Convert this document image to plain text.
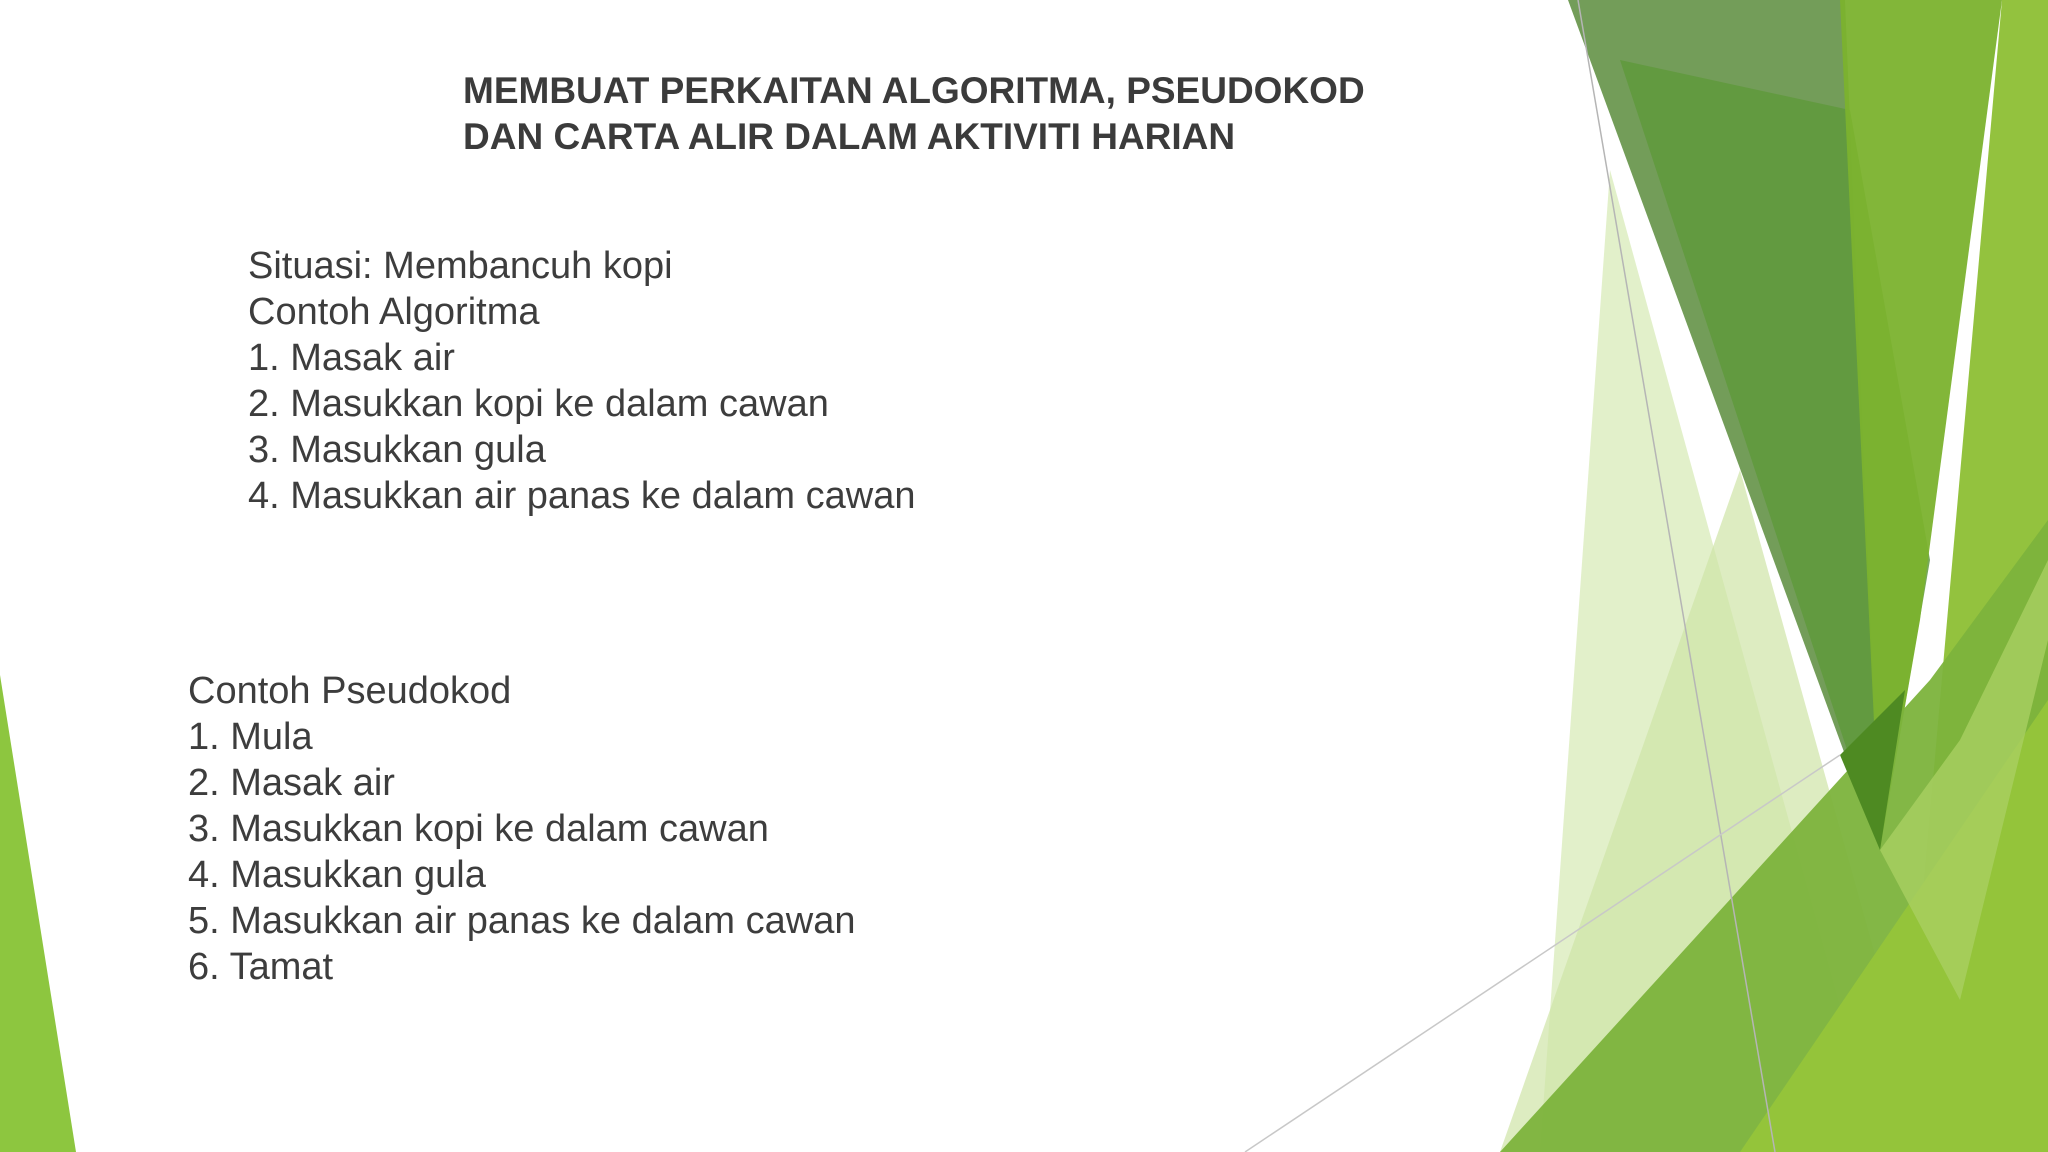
MEMBUAT PERKAITAN ALGORITMA, PSEUDOKOD
DAN CARTA ALIR DALAM AKTIVITI HARIAN
Situasi: Membancuh kopi
Contoh Algoritma
1. Masak air
2. Masukkan kopi ke dalam cawan
3. Masukkan gula
4. Masukkan air panas ke dalam cawan
Contoh Pseudokod
1. Mula
2. Masak air
3. Masukkan kopi ke dalam cawan
4. Masukkan gula
5. Masukkan air panas ke dalam cawan
6. Tamat
